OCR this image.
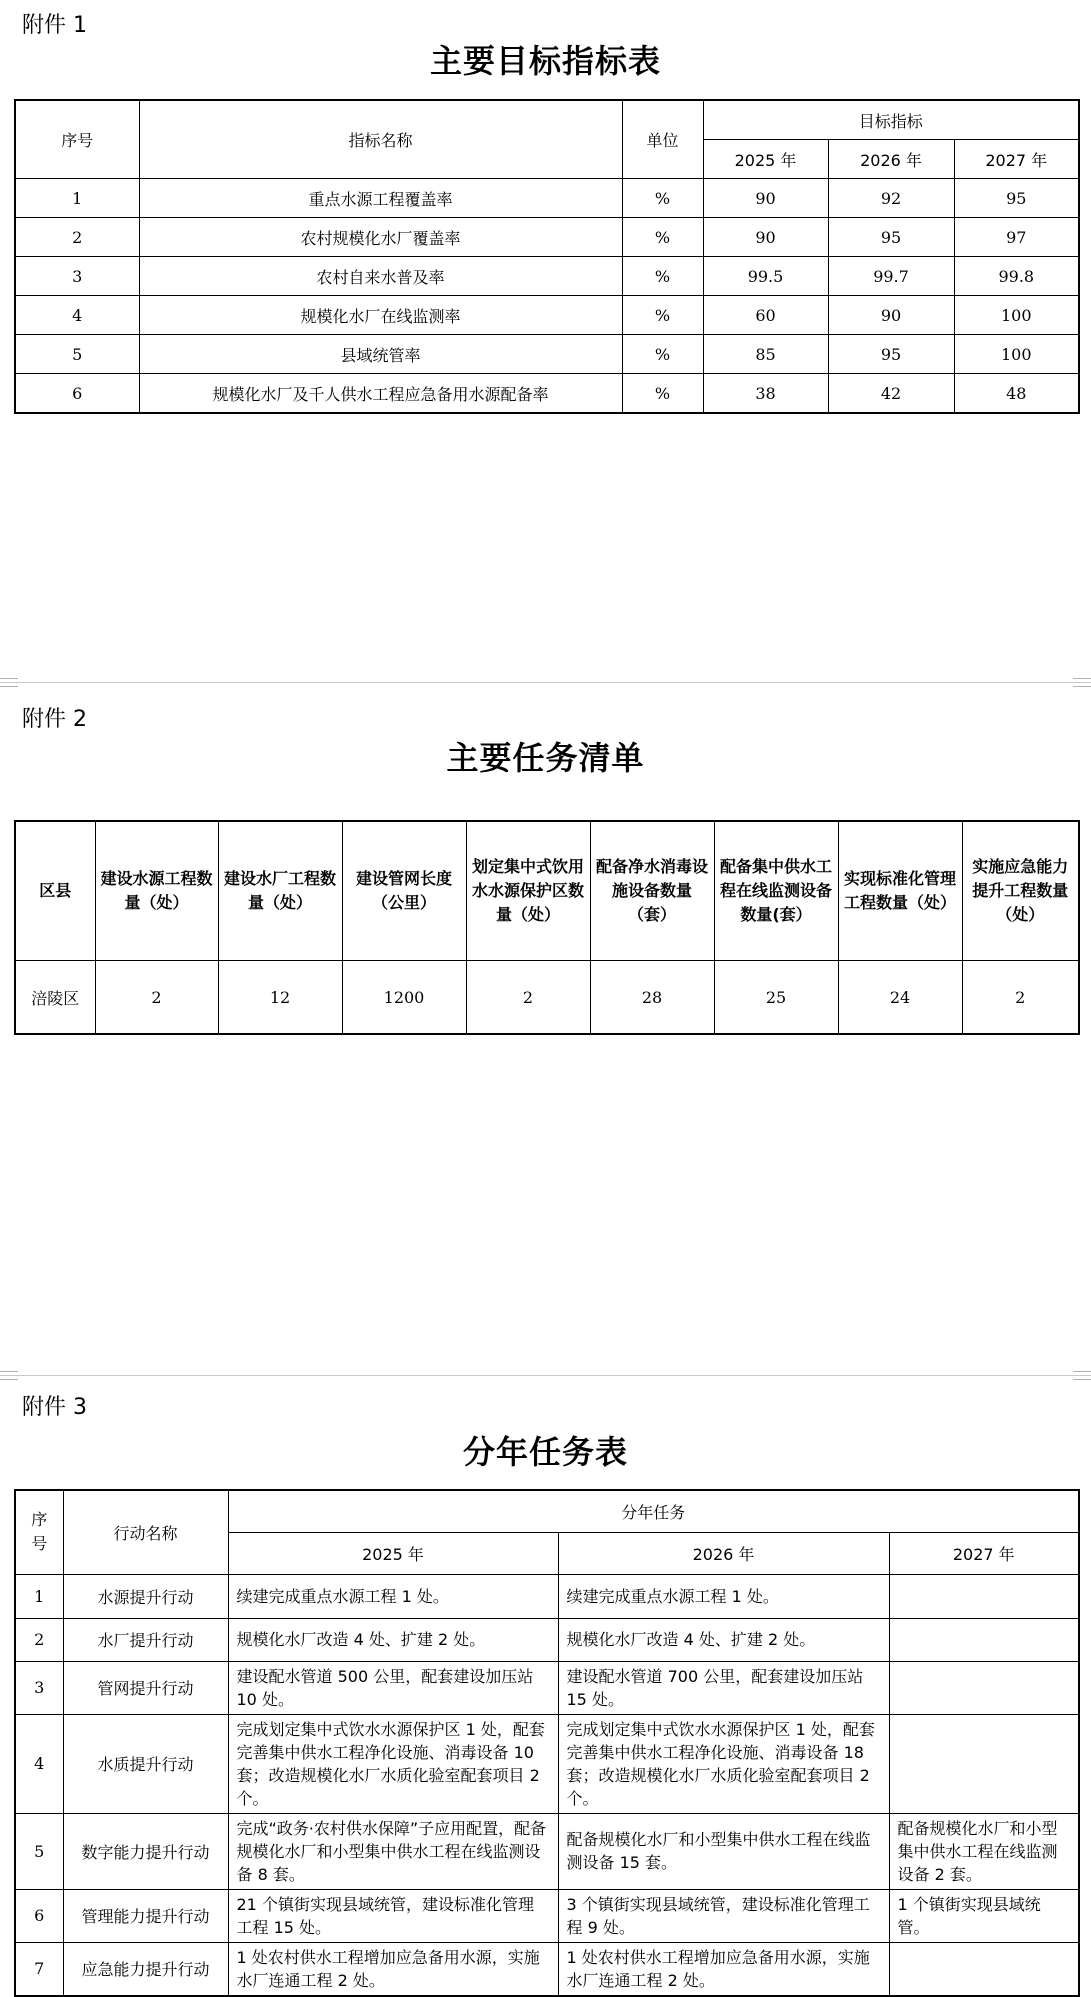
附件 1
主要目标指标表
序号	指标名称	单位	目标指标		
			2025 年	2026 年	2027 年
1	重点水源工程覆盖率	%	90	92	95
2	农村规模化水厂覆盖率	%	90	95	97
3	农村自来水普及率	%	99.5	99.7	99.8
4	规模化水厂在线监测率	%	60	90	100
5	县域统管率	%	85	95	100
6	规模化水厂及千人供水工程应急备用水源配备率	%	38	42	48
附件 2
主要任务清单
区县	建设水源工程数量（处）	建设水厂工程数量（处）	建设管网长度（公里）	划定集中式饮用水水源保护区数量（处）	配备净水消毒设施设备数量（套）	配备集中供水工程在线监测设备数量(套）	实现标准化管理工程数量（处）	实施应急能力提升工程数量（处）
涪陵区	2	12	1200	2	28	25	24	2
附件 3
分年任务表
序号	行动名称	分年任务		
		2025 年	2026 年	2027 年
1	水源提升行动	续建完成重点水源工程 1 处。	续建完成重点水源工程 1 处。	
2	水厂提升行动	规模化水厂改造 4 处、扩建 2 处。	规模化水厂改造 4 处、扩建 2 处。	
3	管网提升行动	建设配水管道 500 公里，配套建设加压站 10 处。	建设配水管道 700 公里，配套建设加压站 15 处。	
4	水质提升行动	完成划定集中式饮水水源保护区 1 处，配套完善集中供水工程净化设施、消毒设备 10 套；改造规模化水厂水质化验室配套项目 2 个。	完成划定集中式饮水水源保护区 1 处，配套完善集中供水工程净化设施、消毒设备 18 套；改造规模化水厂水质化验室配套项目 2 个。	
5	数字能力提升行动	完成“政务·农村供水保障”子应用配置，配备规模化水厂和小型集中供水工程在线监测设备 8 套。	配备规模化水厂和小型集中供水工程在线监测设备 15 套。	配备规模化水厂和小型集中供水工程在线监测设备 2 套。
6	管理能力提升行动	21 个镇街实现县域统管，建设标准化管理工程 15 处。	3 个镇街实现县域统管，建设标准化管理工程 9 处。	1 个镇街实现县域统管。
7	应急能力提升行动	1 处农村供水工程增加应急备用水源，实施水厂连通工程 2 处。	1 处农村供水工程增加应急备用水源，实施水厂连通工程 2 处。	
